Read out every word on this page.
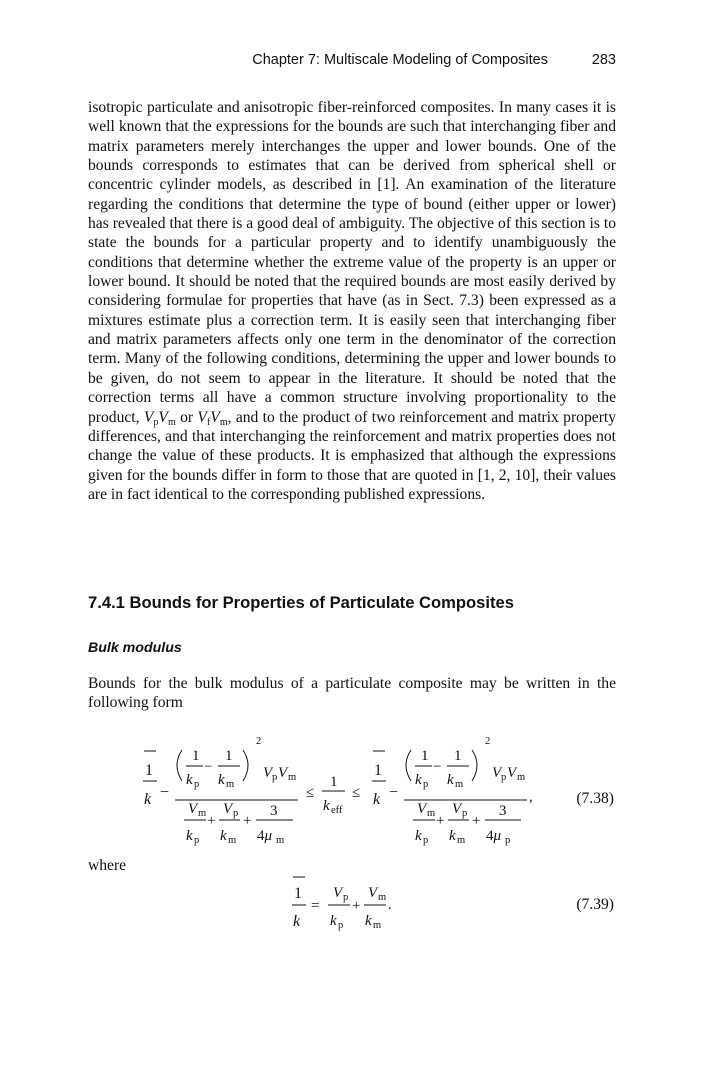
Chapter 7: Multiscale Modeling of Composites	283
isotropic particulate and anisotropic fiber-reinforced composites. In many cases it is well known that the expressions for the bounds are such that interchanging fiber and matrix parameters merely interchanges the upper and lower bounds. One of the bounds corresponds to estimates that can be derived from spherical shell or concentric cylinder models, as described in [1]. An examination of the literature regarding the conditions that determine the type of bound (either upper or lower) has revealed that there is a good deal of ambiguity. The objective of this section is to state the bounds for a particular property and to identify unambiguously the conditions that determine whether the extreme value of the property is an upper or lower bound. It should be noted that the required bounds are most easily derived by considering formulae for properties that have (as in Sect. 7.3) been expressed as a mixtures estimate plus a correction term. It is easily seen that interchanging fiber and matrix parameters affects only one term in the denominator of the correction term. Many of the following conditions, determining the upper and lower bounds to be given, do not seem to appear in the literature. It should be noted that the correction terms all have a common structure involving proportionality to the product, $V_pV_m$ or $V_fV_m$, and to the product of two reinforcement and matrix property differences, and that interchanging the reinforcement and matrix properties does not change the value of these products. It is emphasized that although the expressions given for the bounds differ in form to those that are quoted in [1, 2, 10], their values are in fact identical to the corresponding published expressions.
7.4.1 Bounds for Properties of Particulate Composites
Bulk modulus
Bounds for the bulk modulus of a particulate composite may be written in the following form
1
k −
1
k p
−
1
k m
2
V p V m
V m
k p
+
V p
k m
+
3
4μ m
≤
1
k eff
≤
1
k −
1
k p
−
1
k m
2
V p V m
V m
k p
+
V p
k m
+
3
4μ p
,
1
k
=
V p
k p
+
V m
k m
.
(7.38)
where
(7.39)
